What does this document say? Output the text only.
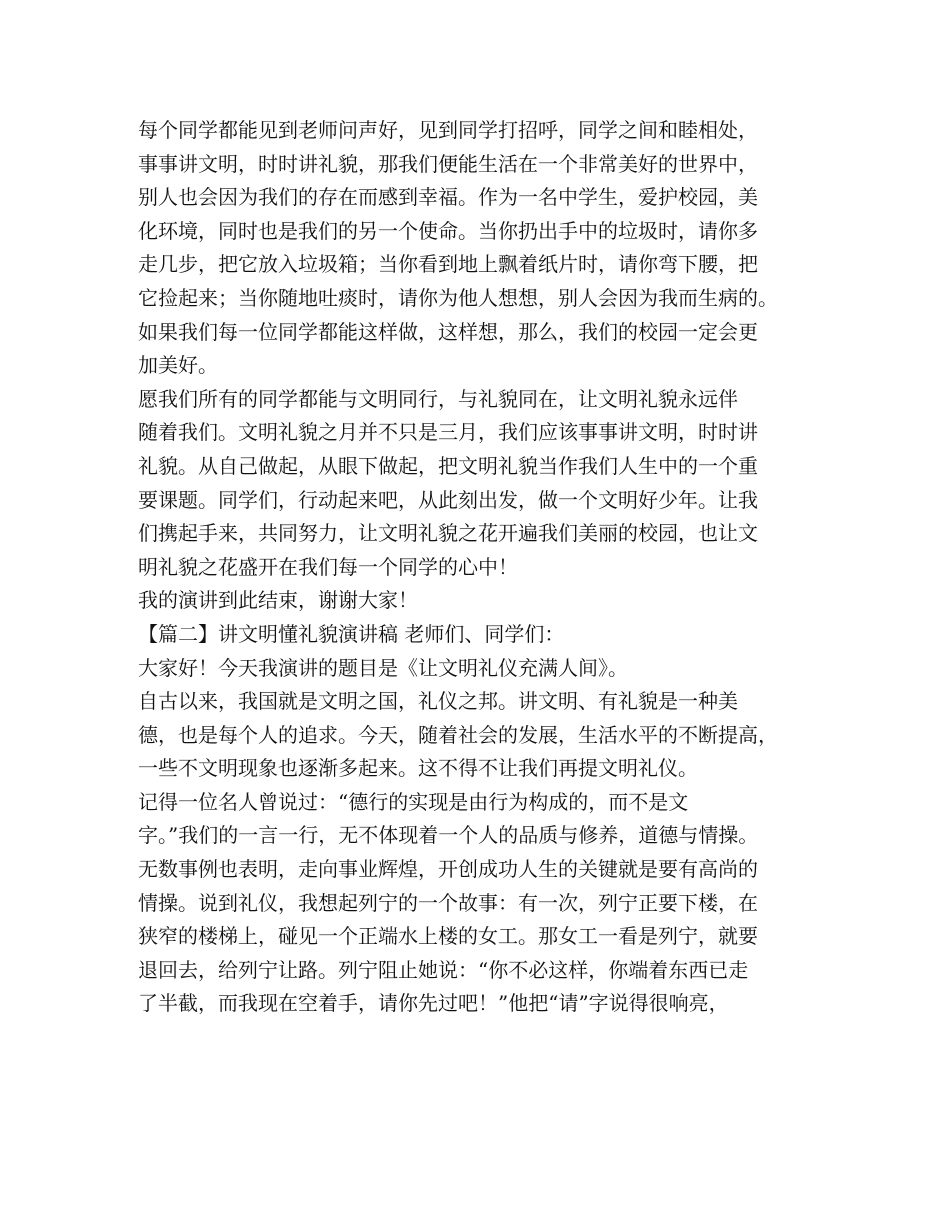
每个同学都能见到老师问声好，见到同学打招呼，同学之间和睦相处，
事事讲文明，时时讲礼貌，那我们便能生活在一个非常美好的世界中，
别人也会因为我们的存在而感到幸福。作为一名中学生，爱护校园，美
化环境，同时也是我们的另一个使命。当你扔出手中的垃圾时，请你多
走几步，把它放入垃圾箱；当你看到地上飘着纸片时，请你弯下腰，把
它捡起来；当你随地吐痰时，请你为他人想想，别人会因为我而生病的。
如果我们每一位同学都能这样做，这样想，那么，我们的校园一定会更
加美好。
愿我们所有的同学都能与文明同行，与礼貌同在，让文明礼貌永远伴
随着我们。文明礼貌之月并不只是三月，我们应该事事讲文明，时时讲
礼貌。从自己做起，从眼下做起，把文明礼貌当作我们人生中的一个重
要课题。同学们，行动起来吧，从此刻出发，做一个文明好少年。让我
们携起手来，共同努力，让文明礼貌之花开遍我们美丽的校园，也让文
明礼貌之花盛开在我们每一个同学的心中！
我的演讲到此结束，谢谢大家！
【篇二】讲文明懂礼貌演讲稿 老师们、同学们：
大家好！今天我演讲的题目是《让文明礼仪充满人间》。
自古以来，我国就是文明之国，礼仪之邦。讲文明、有礼貌是一种美
德，也是每个人的追求。今天，随着社会的发展，生活水平的不断提高，
一些不文明现象也逐渐多起来。这不得不让我们再提文明礼仪。
记得一位名人曾说过：“德行的实现是由行为构成的，而不是文
字。”我们的一言一行，无不体现着一个人的品质与修养，道德与情操。
无数事例也表明，走向事业辉煌，开创成功人生的关键就是要有高尚的
情操。说到礼仪，我想起列宁的一个故事：有一次，列宁正要下楼，在
狭窄的楼梯上，碰见一个正端水上楼的女工。那女工一看是列宁，就要
退回去，给列宁让路。列宁阻止她说：“你不必这样，你端着东西已走
了半截，而我现在空着手，请你先过吧！”他把“请”字说得很响亮，
